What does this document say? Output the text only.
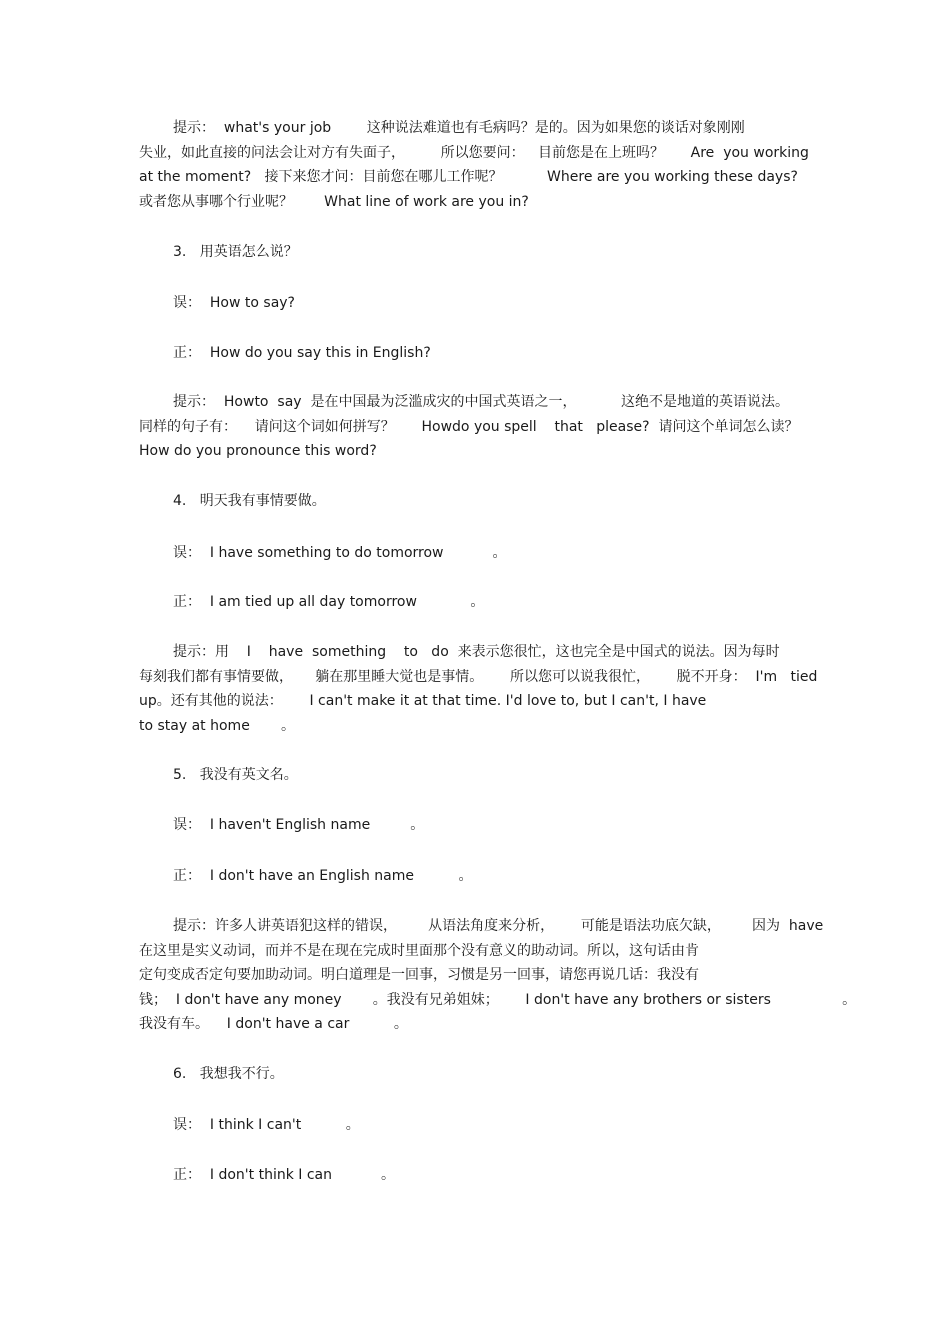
提示：  what's your job        这种说法难道也有毛病吗？是的。因为如果您的谈话对象刚刚
失业，如此直接的问法会让对方有失面子，        所以您要问：   目前您是在上班吗？      Are  you working
at the moment?   接下来您才问：目前您在哪儿工作呢？          Where are you working these days?
或者您从事哪个行业呢？       What line of work are you in?

3.   用英语怎么说？

误：  How to say?

正：  How do you say this in English?

提示：  Howto  say  是在中国最为泛滥成灾的中国式英语之一，          这绝不是地道的英语说法。
同样的句子有：    请问这个词如何拼写？      Howdo you spell    that   please?  请问这个单词怎么读？
How do you pronounce this word?

4.   明天我有事情要做。

误：  I have something to do tomorrow           。

正：  I am tied up all day tomorrow            。

提示：用    I    have  something    to   do  来表示您很忙，这也完全是中国式的说法。因为每时
每刻我们都有事情要做，     躺在那里睡大觉也是事情。      所以您可以说我很忙，      脱不开身：  I'm   tied
up。还有其他的说法：      I can't make it at that time. I'd love to, but I can't, I have
to stay at home       。

5.   我没有英文名。

误：  I haven't English name         。

正：  I don't have an English name          。

提示：许多人讲英语犯这样的错误，       从语法角度来分析，      可能是语法功底欠缺，       因为  have
在这里是实义动词，而并不是在现在完成时里面那个没有意义的助动词。所以，这句话由肯
定句变成否定句要加助动词。明白道理是一回事，习惯是另一回事，请您再说几话：我没有
钱；  I don't have any money       。我没有兄弟姐妹；      I don't have any brothers or sisters                。
我没有车。    I don't have a car          。

6.   我想我不行。

误：  I think I can't          。

正：  I don't think I can           。
